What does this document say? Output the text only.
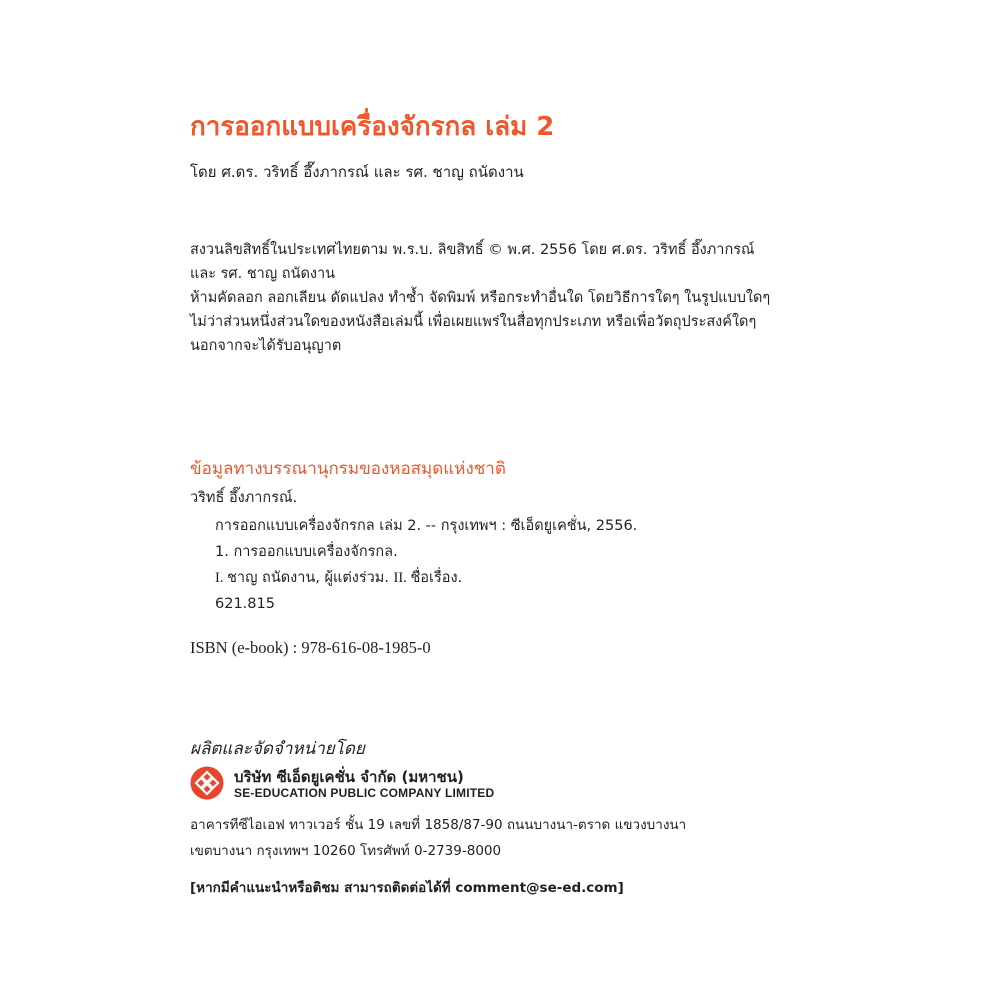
การออกแบบเครื่องจักรกล เล่ม 2
โดย ศ.ดร. วริทธิ์ อึ๊งภากรณ์ และ รศ. ชาญ ถนัดงาน
สงวนลิขสิทธิ์ในประเทศไทยตาม พ.ร.บ. ลิขสิทธิ์ © พ.ศ. 2556 โดย ศ.ดร. วริทธิ์ อึ๊งภากรณ์
และ รศ. ชาญ ถนัดงาน
ห้ามคัดลอก ลอกเลียน ดัดแปลง ทำซ้ำ จัดพิมพ์ หรือกระทำอื่นใด โดยวิธีการใดๆ ในรูปแบบใดๆ
ไม่ว่าส่วนหนึ่งส่วนใดของหนังสือเล่มนี้ เพื่อเผยแพร่ในสื่อทุกประเภท หรือเพื่อวัตถุประสงค์ใดๆ
นอกจากจะได้รับอนุญาต
ข้อมูลทางบรรณานุกรมของหอสมุดแห่งชาติ
วริทธิ์ อึ๊งภากรณ์.
การออกแบบเครื่องจักรกล เล่ม 2. -- กรุงเทพฯ : ซีเอ็ดยูเคชั่น, 2556.
1. การออกแบบเครื่องจักรกล.
I. ชาญ ถนัดงาน, ผู้แต่งร่วม. II. ชื่อเรื่อง.
621.815
ISBN (e-book) : 978-616-08-1985-0
ผลิตและจัดจำหน่ายโดย
บริษัท ซีเอ็ดยูเคชั่น จำกัด (มหาชน)
SE-EDUCATION PUBLIC COMPANY LIMITED
อาคารทีซีไอเอฟ ทาวเวอร์ ชั้น 19 เลขที่ 1858/87-90 ถนนบางนา-ตราด แขวงบางนา
เขตบางนา กรุงเทพฯ 10260 โทรศัพท์ 0-2739-8000
[หากมีคำแนะนำหรือติชม สามารถติดต่อได้ที่ comment@se-ed.com]
